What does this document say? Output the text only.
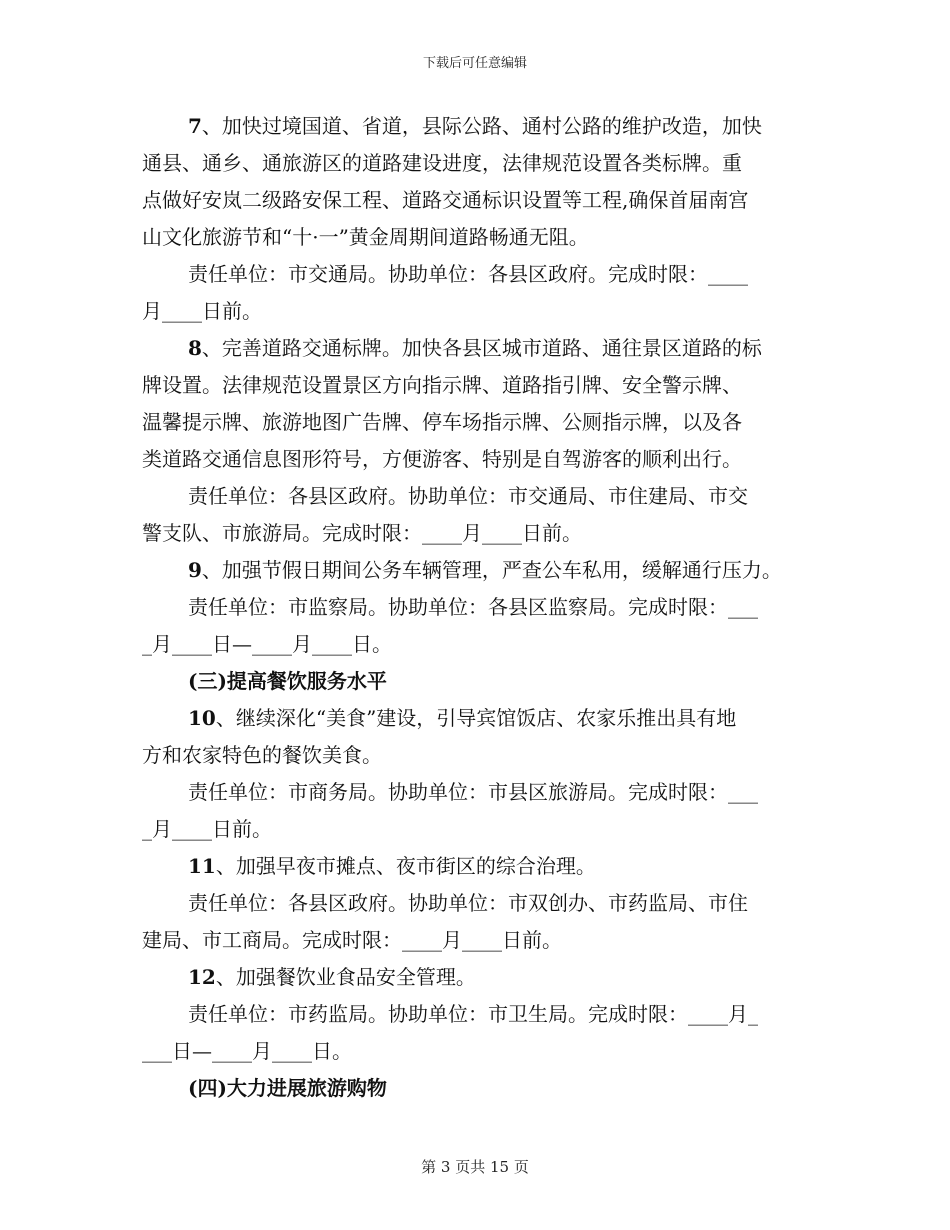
下载后可任意编辑
7、加快过境国道、省道，县际公路、通村公路的维护改造，加快
通县、通乡、通旅游区的道路建设进度，法律规范设置各类标牌。重
点做好安岚二级路安保工程、道路交通标识设置等工程,确保首届南宫
山文化旅游节和“十·一”黄金周期间道路畅通无阻。
责任单位：市交通局。协助单位：各县区政府。完成时限：____
月____日前。
8、完善道路交通标牌。加快各县区城市道路、通往景区道路的标
牌设置。法律规范设置景区方向指示牌、道路指引牌、安全警示牌、
温馨提示牌、旅游地图广告牌、停车场指示牌、公厕指示牌，以及各
类道路交通信息图形符号，方便游客、特别是自驾游客的顺利出行。
责任单位：各县区政府。协助单位：市交通局、市住建局、市交
警支队、市旅游局。完成时限：____月____日前。
9、加强节假日期间公务车辆管理，严查公车私用，缓解通行压力。
责任单位：市监察局。协助单位：各县区监察局。完成时限：___
_月____日—____月____日。
(三)提高餐饮服务水平
10、继续深化“美食”建设，引导宾馆饭店、农家乐推出具有地
方和农家特色的餐饮美食。
责任单位：市商务局。协助单位：市县区旅游局。完成时限：___
_月____日前。
11、加强早夜市摊点、夜市街区的综合治理。
责任单位：各县区政府。协助单位：市双创办、市药监局、市住
建局、市工商局。完成时限：____月____日前。
12、加强餐饮业食品安全管理。
责任单位：市药监局。协助单位：市卫生局。完成时限：____月_
___日—____月____日。
(四)大力进展旅游购物
第 3 页共 15 页
